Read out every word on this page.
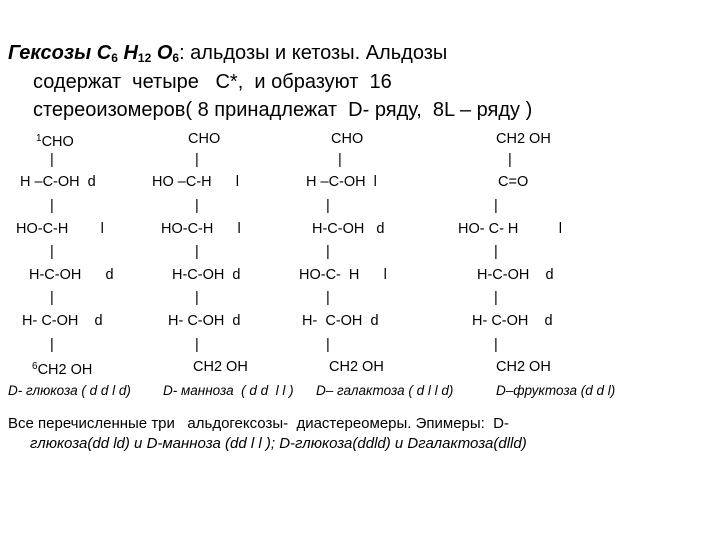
Гексозы $С_6$ $Н_{12}$ $О_6$: альдозы и кетозы. Альдозы
содержат  четыре   С*,  и образуют  16
стереоизомеров( 8 принадлежат  D- ряду,  8L – ряду )
$^1$СНО
|
Н –С-ОН  d
|
НО-С-Н        l
|
Н-С-ОН      d
|
Н- С-ОН    d
|
$^6$СН2 ОН
СНО
|
НО –С-Н      l
|
НО-С-Н      l
|
Н-С-ОН  d
|
Н- С-ОН  d
|
СН2 ОН
СНО
|
Н –С-ОН  l
|
Н-С-ОН   d
|
НО-С-  Н      l
|
Н-  С-ОН  d
|
СН2 ОН
СН2 ОН
|
С=О
|
НО- С- Н          l
|
Н-С-ОН    d
|
Н- С-ОН    d
|
СН2 ОН
D- глюкоза ( d d l d) D- манноза  ( d d  l l ) D– галактоза ( d l l d)	D–фруктоза (d d l)
Все перечисленные три   альдогексозы-  диастереомеры. Эпимеры:  D-
глюкоза(dd ld) и D-манноза (dd l l ); D-глюкоза(ddld) и Dгалактоза(dlld)
